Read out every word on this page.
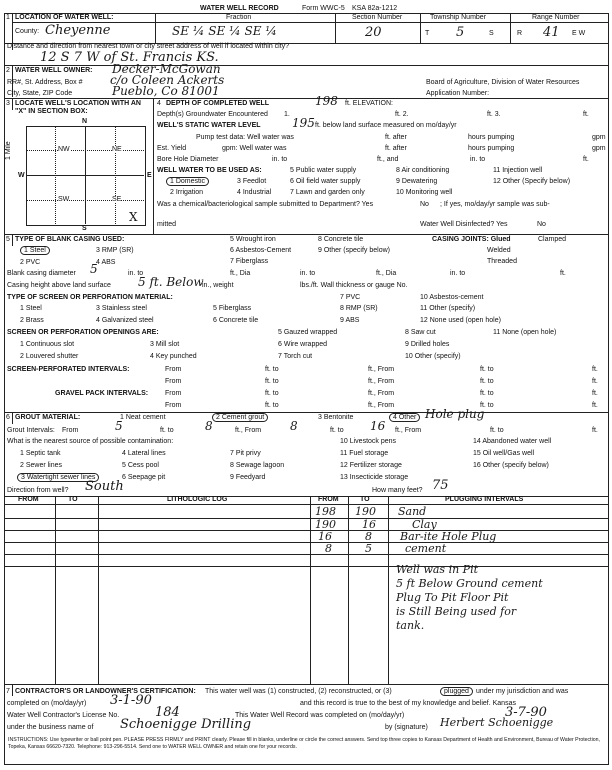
WATER WELL RECORD	Form WWC-5 KSA 82a-1212
1 LOCATION OF WATER WELL:
County: Cheyenne
Fraction
SE ¼ SE ¼ SE ¼
Section Number
20
Township Number
T 5	S
Range Number
R 41 E W
Distance and direction from nearest town or city street address of well if located within city?
12 S 7 W of St. Francis KS.
2 WATER WELL OWNER: Decker-McGowan
RR#, St. Address, Box # c/o Coleen Ackerts
City, State, ZIP Code	Pueblo, Co 81001
Board of Agriculture, Division of Water Resources
Application Number:
3 LOCATE WELL'S LOCATION WITH AN "X" IN SECTION BOX:
N
S
W	E
NW	NE
SW	SE
1 Mile
X
4 DEPTH OF COMPLETED WELL	198 ft. ELEVATION:
Depth(s) Groundwater Encountered 1.	ft. 2.	ft. 3.	ft.
WELL'S STATIC WATER LEVEL	195 ft. below land surface measured on mo/day/yr
Pump test data: Well water was	ft. after	hours pumping	gpm
Est. Yield	gpm: Well water was	ft. after	hours pumping	gpm
Bore Hole Diameter	in. to	ft., and	in. to	ft.
WELL WATER TO BE USED AS:	5 Public water supply	8 Air conditioning	11 Injection well
1 Domestic	3 Feedlot	6 Oil field water supply	9 Dewatering	12 Other (Specify below)
2 Irrigation	4 Industrial	7 Lawn and garden only	10 Monitoring well
Was a chemical/bacteriological sample submitted to Department? Yes	No ; If yes, mo/day/yr sample was sub-
mitted	Water Well Disinfected? Yes	No
5 TYPE OF BLANK CASING USED:
1 Steel	3 RMP (SR)
5 Wrought iron	8 Concrete tile
2 PVC	4 ABS
6 Asbestos-Cement	9 Other (specify below)
7 Fiberglass
CASING JOINTS: Glued	Clamped
Welded
Threaded
Blank casing diameter 5	in. to	ft., Dia	in. to	ft., Dia	in. to	ft.
Casing height above land surface 5 ft. Below
in., weight	lbs./ft. Wall thickness or gauge No.
TYPE OF SCREEN OR PERFORATION MATERIAL:	7 PVC	10 Asbestos-cement
1 Steel	3 Stainless steel	5 Fiberglass	8 RMP (SR)	11 Other (specify)
2 Brass	4 Galvanized steel	6 Concrete tile	9 ABS	12 None used (open hole)
SCREEN OR PERFORATION OPENINGS ARE:	5 Gauzed wrapped	8 Saw cut	11 None (open hole)
1 Continuous slot	3 Mill slot	6 Wire wrapped	9 Drilled holes
2 Louvered shutter	4 Key punched	7 Torch cut	10 Other (specify)
SCREEN-PERFORATED INTERVALS:	From	ft. to	ft., From	ft. to	ft.
From	ft. to	ft., From	ft. to	ft.
GRAVEL PACK INTERVALS: From	ft. to	ft., From	ft. to	ft.
From	ft. to	ft., From	ft. to	ft.
6 GROUT MATERIAL:	1 Neat cement	2 Cement grout	3 Bentonite	4 Other Hole plug
Grout Intervals: From	5	ft. to	8	ft., From 8	ft. to 16 ft., From	ft. to	ft.
What is the nearest source of possible contamination:
1 Septic tank	4 Lateral lines	7 Pit privy
10 Livestock pens	14 Abandoned water well
2 Sewer lines	5 Cess pool	8 Sewage lagoon
11 Fuel storage	15 Oil well/Gas well
3 Watertight sewer lines	6 Seepage pit	9 Feedyard
12 Fertilizer storage	16 Other (specify below)
13 Insecticide storage
Direction from well? South	How many feet? 75
FROM	TO	LITHOLOGIC LOG	FROM	TO	PLUGGING INTERVALS
198 190 Sand
190 16	Clay
16	8	Bar-ite Hole Plug
8	5	cement
Well was in Pit
5 ft Below Ground cement
Plug To Pit Floor Pit
is Still Being used for
tank.
7 CONTRACTOR'S OR LANDOWNER'S CERTIFICATION: This water well was (1) constructed, (2) reconstructed, or (3)	plugged	under my jurisdiction and was
completed on (mo/day/yr) 3-1-90	and this record is true to the best of my knowledge and belief. Kansas
Water Well Contractor's License No.	184	This Water Well Record was completed on (mo/day/yr)	3-7-90
under the business name of Schoenigge Drilling	by (signature) Herbert Schoenigge
INSTRUCTIONS: Use typewriter or ball point pen. PLEASE PRESS FIRMLY and PRINT clearly. Please fill in blanks, underline or circle the correct answers. Send top three copies to Kansas Department of Health and Environment, Bureau of Water Protection, Topeka, Kansas 66620-7320. Telephone: 913-296-5514. Send one to WATER WELL OWNER and retain one for your records.
